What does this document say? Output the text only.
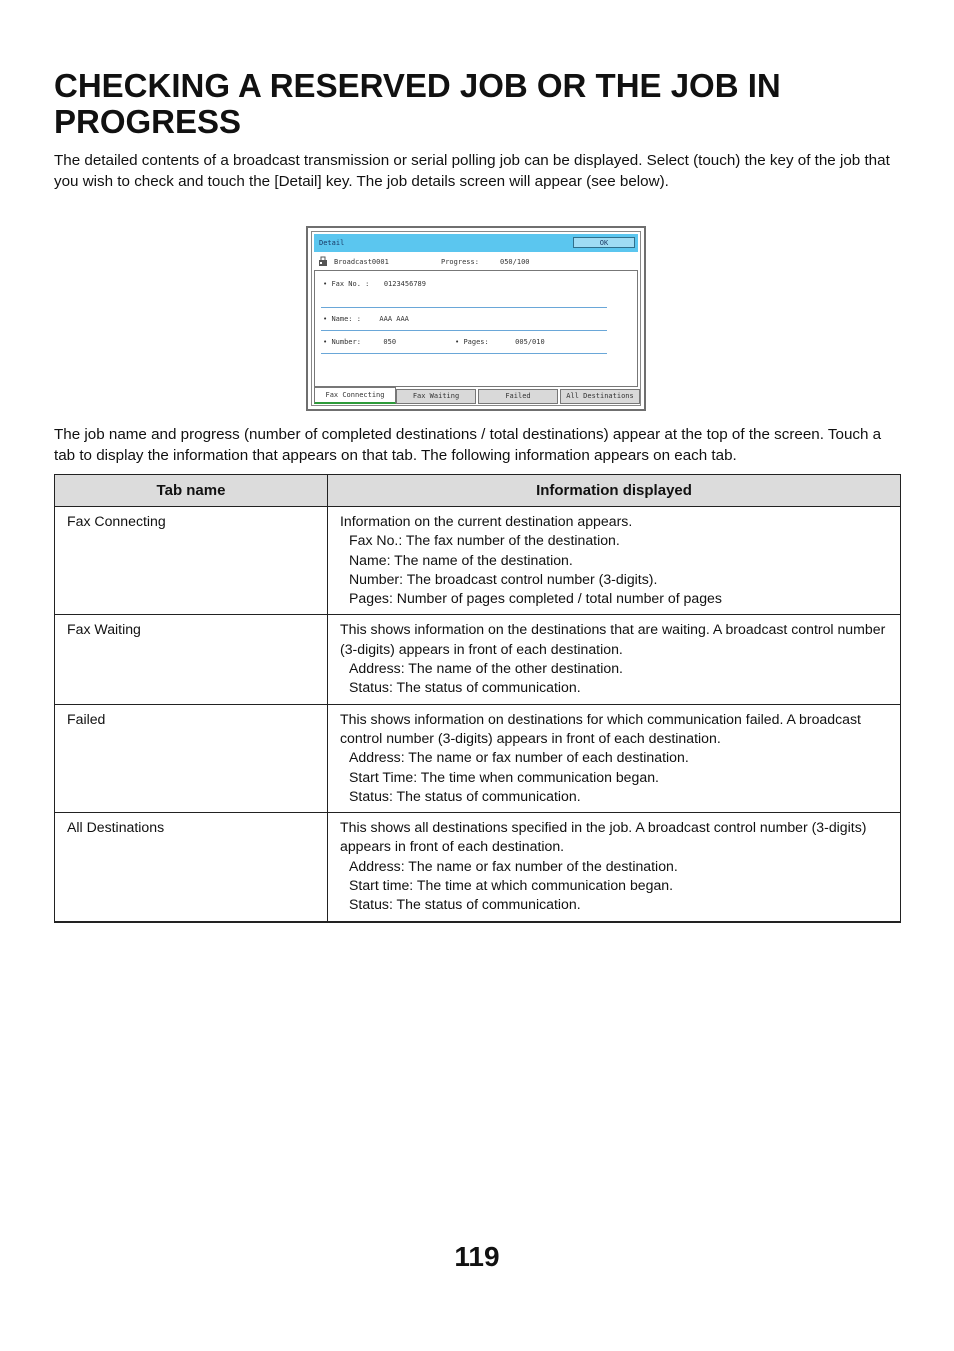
CHECKING A RESERVED JOB OR THE JOB IN PROGRESS

The detailed contents of a broadcast transmission or serial polling job can be displayed. Select (touch) the key of the job that you wish to check and touch the [Detail] key. The job details screen will appear (see below).

Detail	OK
Broadcast0001	Progress:	050/100
• Fax No. : 0123456789
• Name: :	AAA AAA
• Number:	050	• Pages:	005/010
Fax Connecting	Fax Waiting	Failed	All Destinations

The job name and progress (number of completed destinations / total destinations) appear at the top of the screen. Touch a tab to display the information that appears on that tab. The following information appears on each tab.

Tab name	Information displayed
Fax Connecting	Information on the current destination appears.
Fax No.: The fax number of the destination.
Name: The name of the destination.
Number: The broadcast control number (3-digits).
Pages: Number of pages completed / total number of pages

Fax Waiting	This shows information on the destinations that are waiting. A broadcast control number (3-digits) appears in front of each destination.
Address: The name of the other destination.
Status: The status of communication.

Failed	This shows information on destinations for which communication failed. A broadcast control number (3-digits) appears in front of each destination.
Address: The name or fax number of each destination.
Start Time: The time when communication began.
Status: The status of communication.

All Destinations	This shows all destinations specified in the job. A broadcast control number (3-digits) appears in front of each destination.
Address: The name or fax number of the destination.
Start time: The time at which communication began.
Status: The status of communication.
119
